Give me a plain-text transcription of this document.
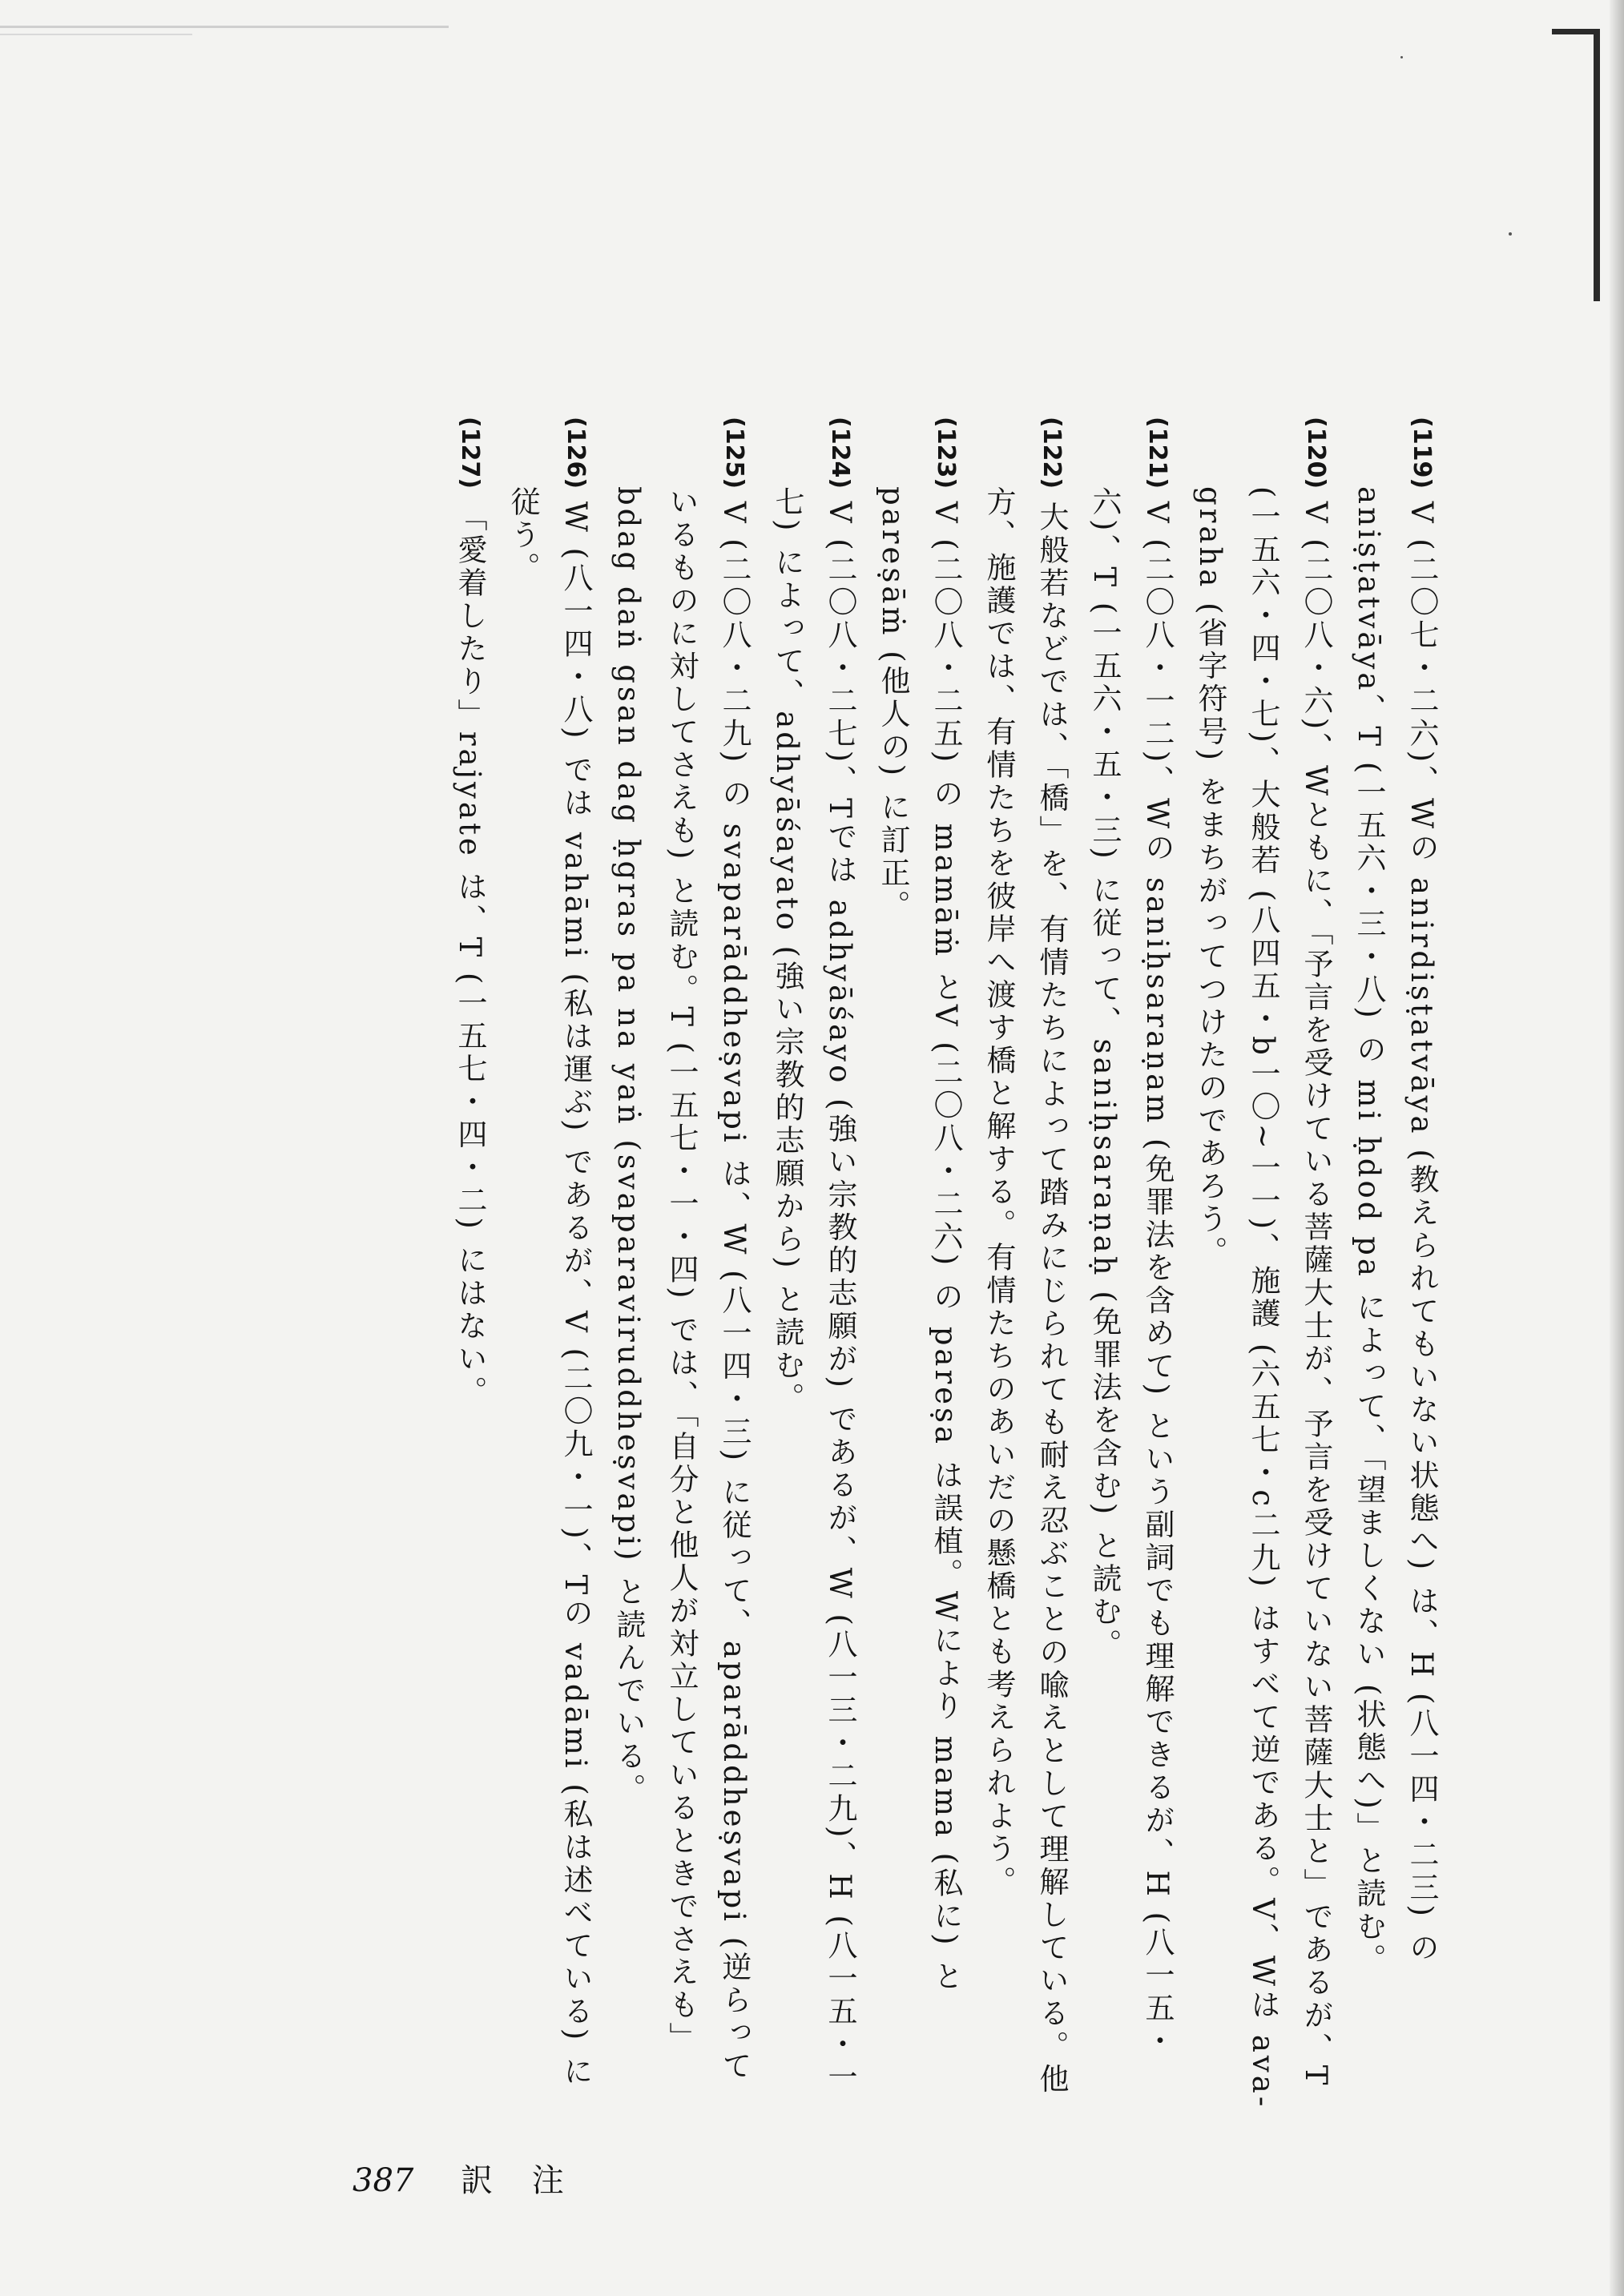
(119) V (二〇七・二六)、Wの anirdiṣṭatvāya (教えられてもいない状態へ) は、H (八一四・二三) の aniṣṭatvāya、T (一五六・三・八) の mi ḥdod pa によって、「望ましくない (状態へ)」と読む。

(120) V (二〇八・六)、Wともに、「予言を受けている菩薩大士が、予言を受けていない菩薩大士と」であるが、T (一五六・四・七)、大般若 (八四五・b一〇~一一)、施護 (六五七・c二九) はすべて逆である。V、Wは ava-graha (省字符号) をまちがってつけたのであろう。

(121) V (二〇八・一二)、Wの saniḥsaraṇam (免罪法を含めて) という副詞でも理解できるが、H (八一五・六)、T (一五六・五・三) に従って、saniḥsaraṇaḥ (免罪法を含む) と読む。

(122) 大般若などでは、「橋」を、有情たちによって踏みにじられても耐え忍ぶことの喩えとして理解している。他方、施護では、有情たちを彼岸へ渡す橋と解する。有情たちのあいだの懸橋とも考えられよう。

(123) V (二〇八・二五) の mamāṁ とV (二〇八・二六) の pareṣa は誤植。Wにより mama (私に) と pareṣāṁ (他人の) に訂正。

(124) V (二〇八・二七)、Tでは adhyāśayo (強い宗教的志願が) であるが、W (八一三・二九)、H (八一五・一七) によって、adhyāśayato (強い宗教的志願から) と読む。

(125) V (二〇八・二九) の svaparāddheṣvapi は、W (八一四・三) に従って、aparāddheṣvapi (逆らっているものに対してさえも) と読む。T (一五七・一・四) では、「自分と他人が対立しているときでさえも」bdag daṅ gsan dag ḥgras pa na yaṅ (svaparaviruddheṣvapi) と読んでいる。

(126) W (八一四・八) では vahāmi (私は運ぶ) であるが、V (二〇九・一)、Tの vadāmi (私は述べている) に従う。

(127) 「愛着したり」rajyate は、T (一五七・四・二) にはない。

387 訳 注
